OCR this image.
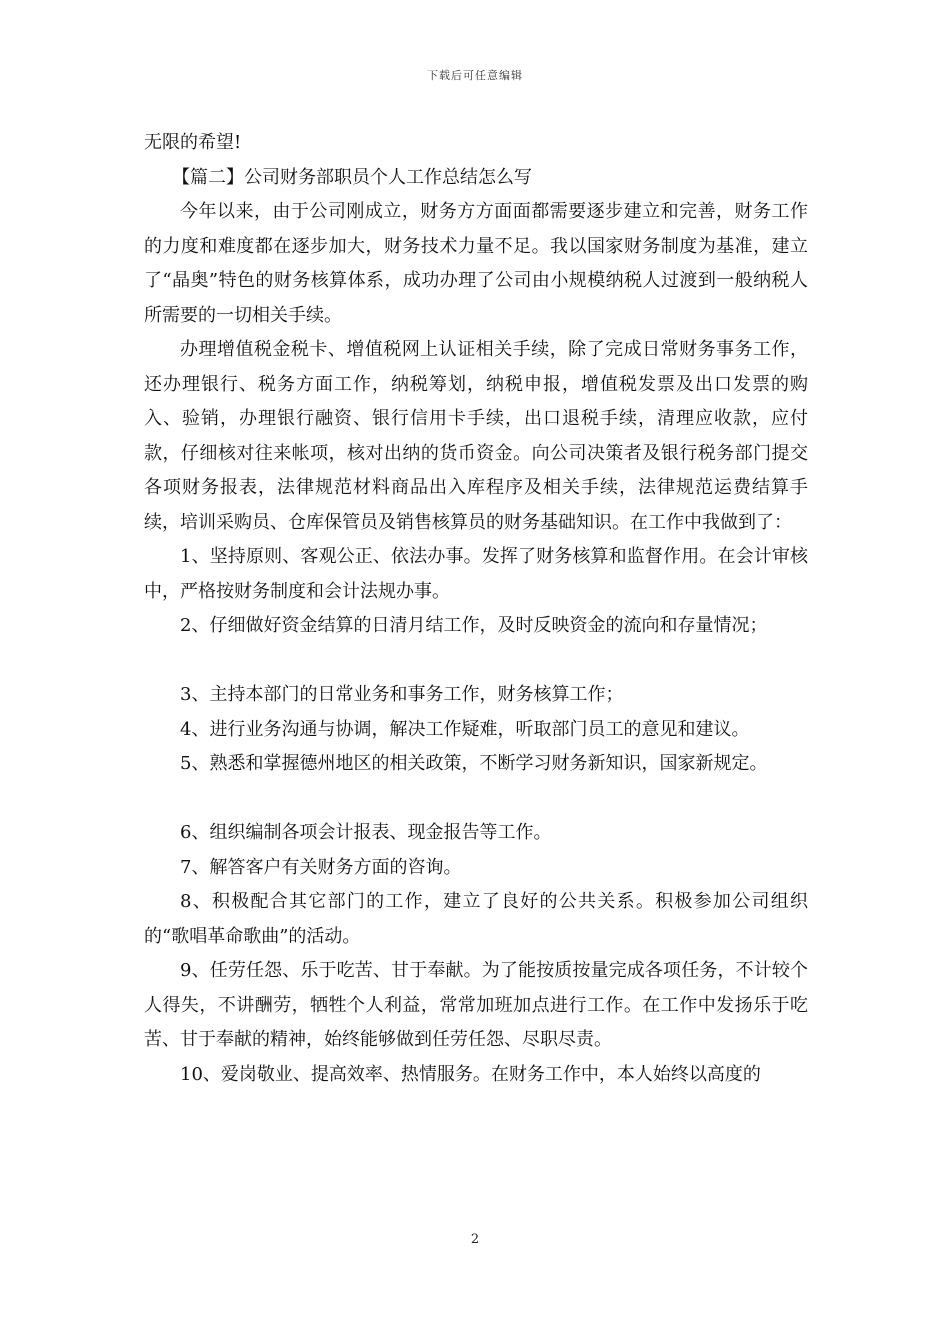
下载后可任意编辑

无限的希望!

【篇二】公司财务部职员个人工作总结怎么写

今年以来，由于公司刚成立，财务方方面面都需要逐步建立和完善，财务工作的力度和难度都在逐步加大，财务技术力量不足。我以国家财务制度为基准，建立了“晶奥”特色的财务核算体系，成功办理了公司由小规模纳税人过渡到一般纳税人所需要的一切相关手续。

办理增值税金税卡、增值税网上认证相关手续，除了完成日常财务事务工作，还办理银行、税务方面工作，纳税筹划，纳税申报，增值税发票及出口发票的购入、验销，办理银行融资、银行信用卡手续，出口退税手续，清理应收款，应付款，仔细核对往来帐项，核对出纳的货币资金。向公司决策者及银行税务部门提交各项财务报表，法律规范材料商品出入库程序及相关手续，法律规范运费结算手续，培训采购员、仓库保管员及销售核算员的财务基础知识。在工作中我做到了：

1、坚持原则、客观公正、依法办事。发挥了财务核算和监督作用。在会计审核中，严格按财务制度和会计法规办事。

2、仔细做好资金结算的日清月结工作，及时反映资金的流向和存量情况；

3、主持本部门的日常业务和事务工作，财务核算工作；

4、进行业务沟通与协调，解决工作疑难，听取部门员工的意见和建议。

5、熟悉和掌握德州地区的相关政策，不断学习财务新知识，国家新规定。

6、组织编制各项会计报表、现金报告等工作。

7、解答客户有关财务方面的咨询。

8、积极配合其它部门的工作，建立了良好的公共关系。积极参加公司组织的“歌唱革命歌曲”的活动。

9、任劳任怨、乐于吃苦、甘于奉献。为了能按质按量完成各项任务，不计较个人得失，不讲酬劳，牺牲个人利益，常常加班加点进行工作。在工作中发扬乐于吃苦、甘于奉献的精神，始终能够做到任劳任怨、尽职尽责。

10、爱岗敬业、提高效率、热情服务。在财务工作中，本人始终以高度的

2
